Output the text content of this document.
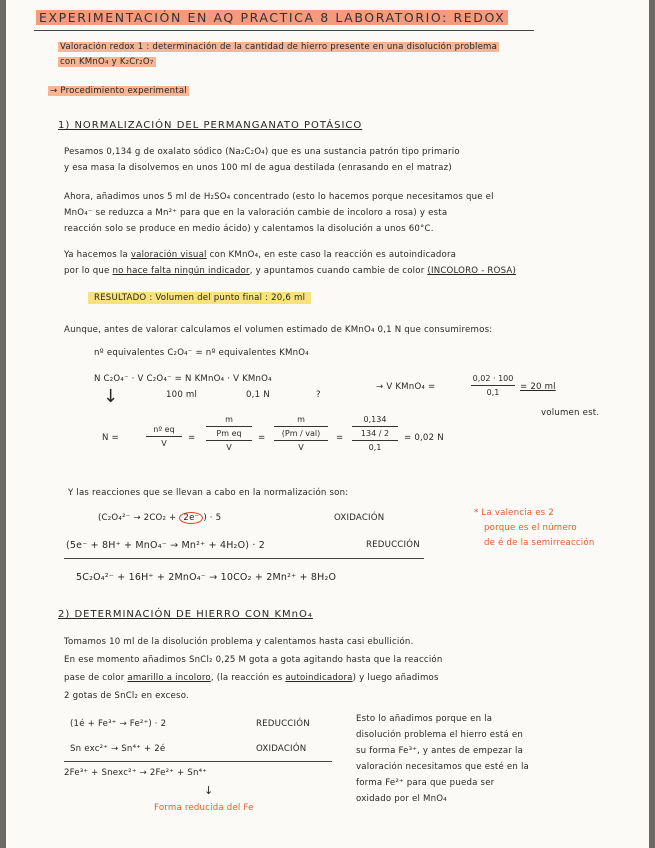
EXPERIMENTACIÓN EN AQ PRACTICA 8 LABORATORIO: REDOX
Valoración redox 1 : determinación de la cantidad de hierro presente en una disolución problema
con KMnO₄ y K₂Cr₂O₇
→ Procedimiento experimental
1) NORMALIZACIÓN DEL PERMANGANATO POTÁSICO
Pesamos 0,134 g de oxalato sódico (Na₂C₂O₄) que es una sustancia patrón tipo primario
y esa masa la disolvemos en unos 100 ml de agua destilada (enrasando en el matraz)
Ahora, añadimos unos 5 ml de H₂SO₄ concentrado (esto lo hacemos porque necesitamos que el
MnO₄⁻ se reduzca a Mn²⁺ para que en la valoración cambie de incoloro a rosa) y esta
reacción solo se produce en medio ácido) y calentamos la disolución a unos 60°C.
Ya hacemos la valoración visual con KMnO₄, en este caso la reacción es autoindicadora
por lo que no hace falta ningún indicador, y apuntamos cuando cambie de color (INCOLORO - ROSA)
RESULTADO : Volumen del punto final : 20,6 ml
Aunque, antes de valorar calculamos el volumen estimado de KMnO₄ 0,1 N que consumiremos:
nº equivalentes C₂O₄⁻ = nº equivalentes KMnO₄
N C₂O₄⁻ · V C₂O₄⁻ = N KMnO₄ · V KMnO₄
100 ml	0,1 N	?
↓	→ V KMnO₄ =
0,02 · 100
0,1
= 20 ml
volumen est.
N =
nº eq
V
=
m
Pm eq
V
=
m
(Pm / val)
V
=
0,134
134 / 2
0,1
= 0,02 N
Y las reacciones que se llevan a cabo en la normalización son:
(C₂O₄²⁻ → 2CO₂ + 2e⁻ ) · 5	OXIDACIÓN
(5e⁻ + 8H⁺ + MnO₄⁻ → Mn²⁺ + 4H₂O) · 2	REDUCCIÓN
5C₂O₄²⁻ + 16H⁺ + 2MnO₄⁻ → 10CO₂ + 2Mn²⁺ + 8H₂O
* La valencia es 2
porque es el número
de é de la semirreacción
2) DETERMINACIÓN DE HIERRO CON KMnO₄
Tomamos 10 ml de la disolución problema y calentamos hasta casi ebullición.
En ese momento añadimos SnCl₂ 0,25 M gota a gota agitando hasta que la reacción
pase de color amarillo a incoloro, (la reacción es autoindicadora) y luego añadimos
2 gotas de SnCl₂ en exceso.
(1é + Fe³⁺ → Fe²⁺) · 2	REDUCCIÓN
Sn exc²⁺ → Sn⁴⁺ + 2é	OXIDACIÓN
2Fe³⁺ + Snexc²⁺ → 2Fe²⁺ + Sn⁴⁺
↓
Forma reducida del Fe
Esto lo añadimos porque en la
disolución problema el hierro está en
su forma Fe³⁺, y antes de empezar la
valoración necesitamos que esté en la
forma Fe²⁺ para que pueda ser
oxidado por el MnO₄
